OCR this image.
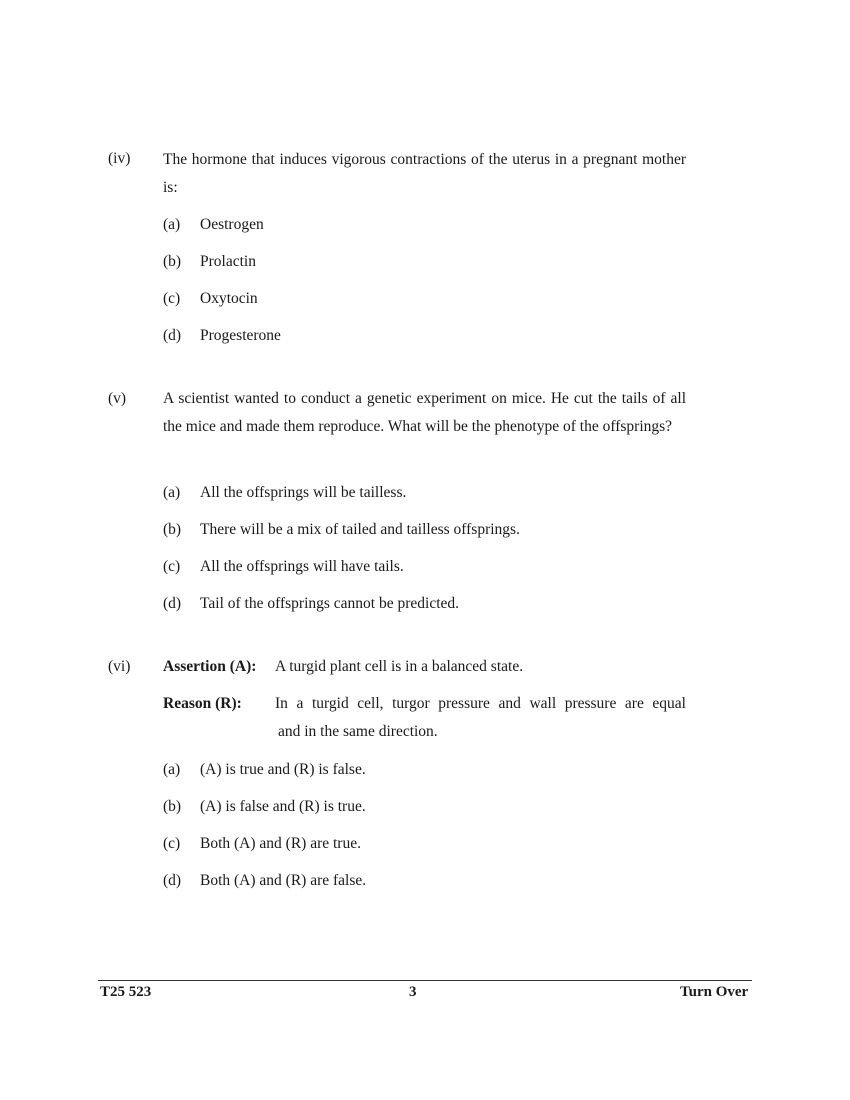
(iv) The hormone that induces vigorous contractions of the uterus in a pregnant mother is:
(a) Oestrogen
(b) Prolactin
(c) Oxytocin
(d) Progesterone
(v) A scientist wanted to conduct a genetic experiment on mice. He cut the tails of all the mice and made them reproduce. What will be the phenotype of the offsprings?
(a) All the offsprings will be tailless.
(b) There will be a mix of tailed and tailless offsprings.
(c) All the offsprings will have tails.
(d) Tail of the offsprings cannot be predicted.
(vi) Assertion (A): A turgid plant cell is in a balanced state.
Reason (R): In a turgid cell, turgor pressure and wall pressure are equal
and in the same direction.
(a) (A) is true and (R) is false.
(b) (A) is false and (R) is true.
(c) Both (A) and (R) are true.
(d) Both (A) and (R) are false.
T25 523	3	Turn Over
